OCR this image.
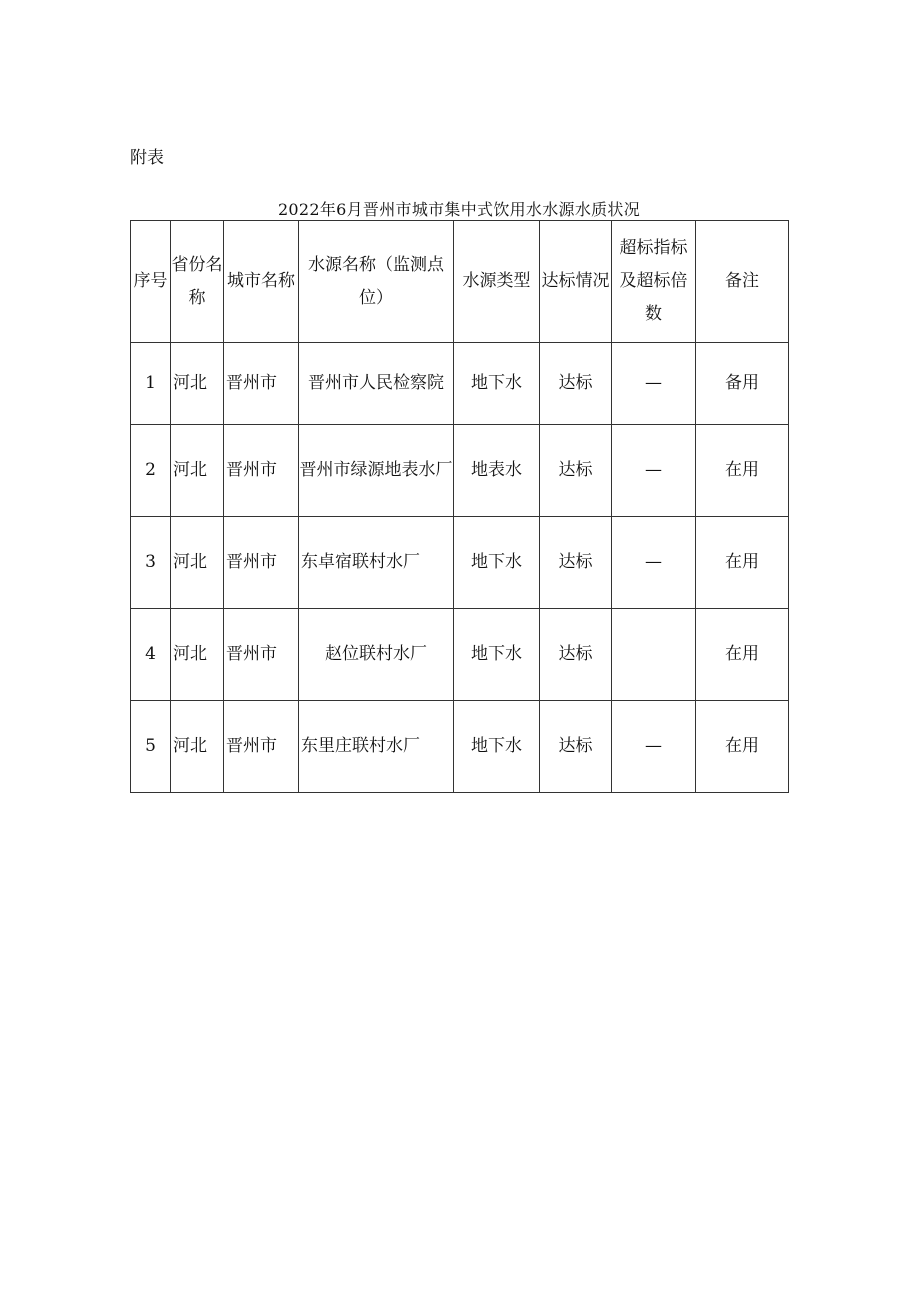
附表
2022年6月晋州市城市集中式饮用水水源水质状况
序号	省份名称	城市名称	水源名称（监测点位）	水源类型	达标情况	超标指标及超标倍数	备注
1	河北	晋州市	晋州市人民检察院	地下水	达标	—	备用
2	河北	晋州市	晋州市绿源地表水厂	地表水	达标	—	在用
3	河北	晋州市	东卓宿联村水厂	地下水	达标	—	在用
4	河北	晋州市	赵位联村水厂	地下水	达标		在用
5	河北	晋州市	东里庄联村水厂	地下水	达标	—	在用
